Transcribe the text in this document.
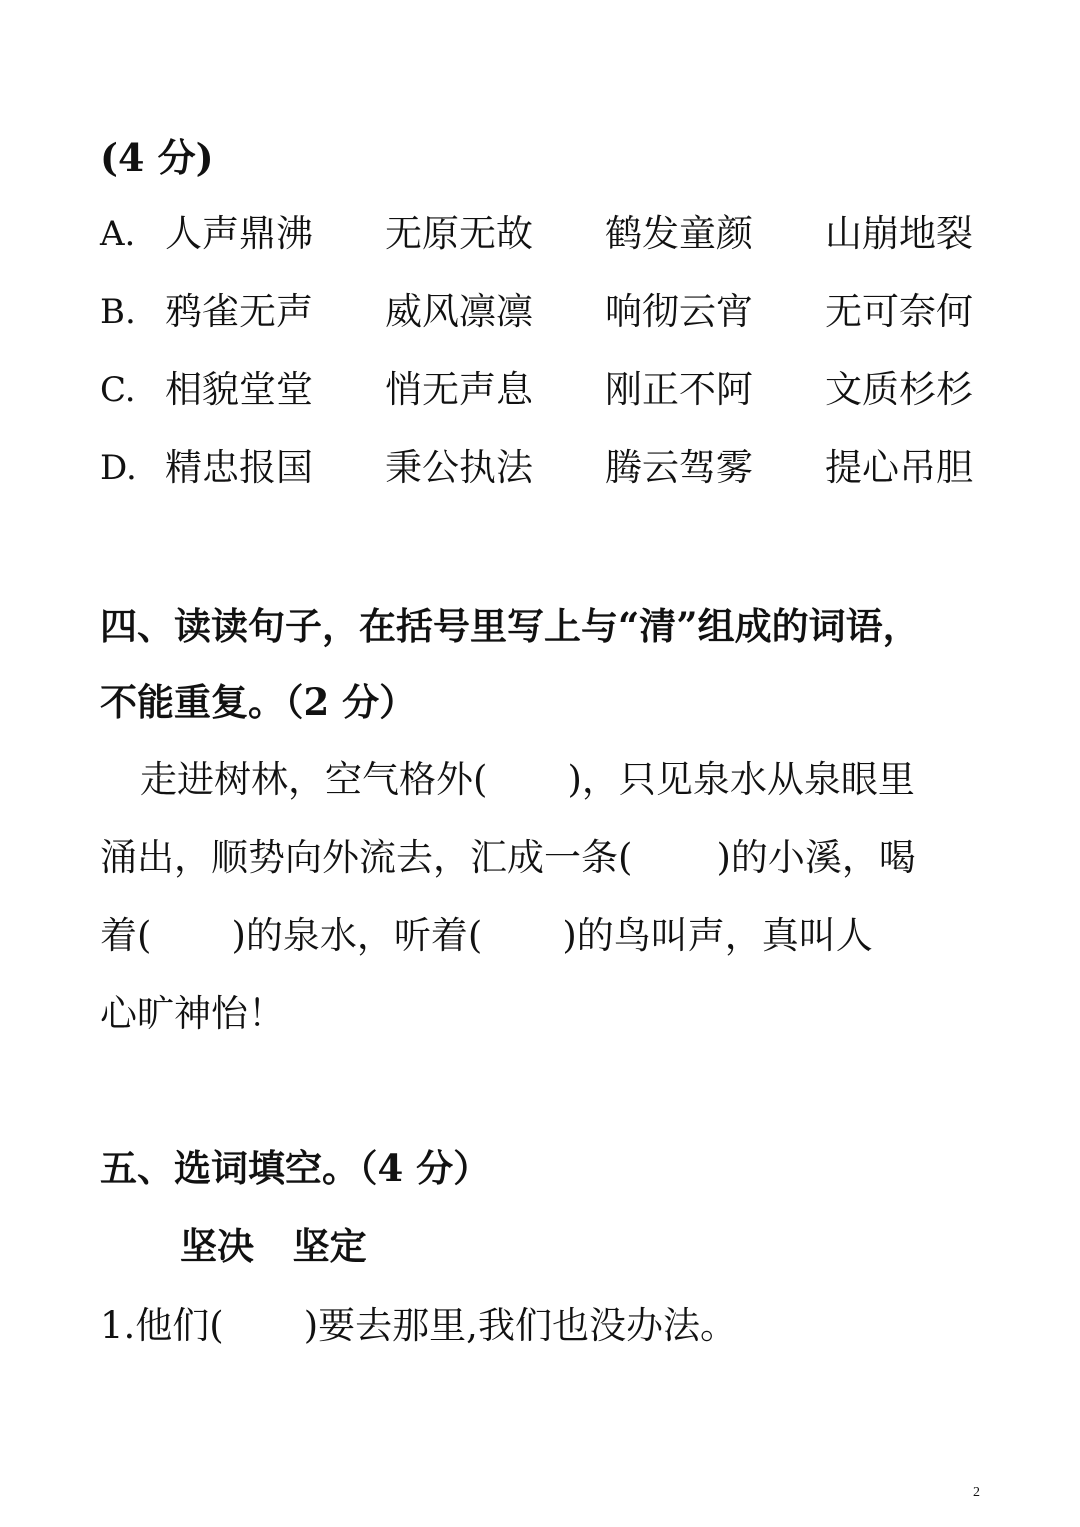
(4 分)
A. 人声鼎沸 无原无故 鹤发童颜 山崩地裂
B. 鸦雀无声 威风凛凛 响彻云宵 无可奈何
C. 相貌堂堂 悄无声息 刚正不阿 文质杉杉
D. 精忠报国 秉公执法 腾云驾雾 提心吊胆
四、读读句子，在括号里写上与“清”组成的词语，
不能重复。（2 分）
走进树林，空气格外( )，只见泉水从泉眼里
涌出，顺势向外流去，汇成一条( )的小溪，喝
着( )的泉水，听着( )的鸟叫声，真叫人
心旷神怡！
五、选词填空。（4 分）
坚决   坚定
1.他们( )要去那里,我们也没办法。
2
